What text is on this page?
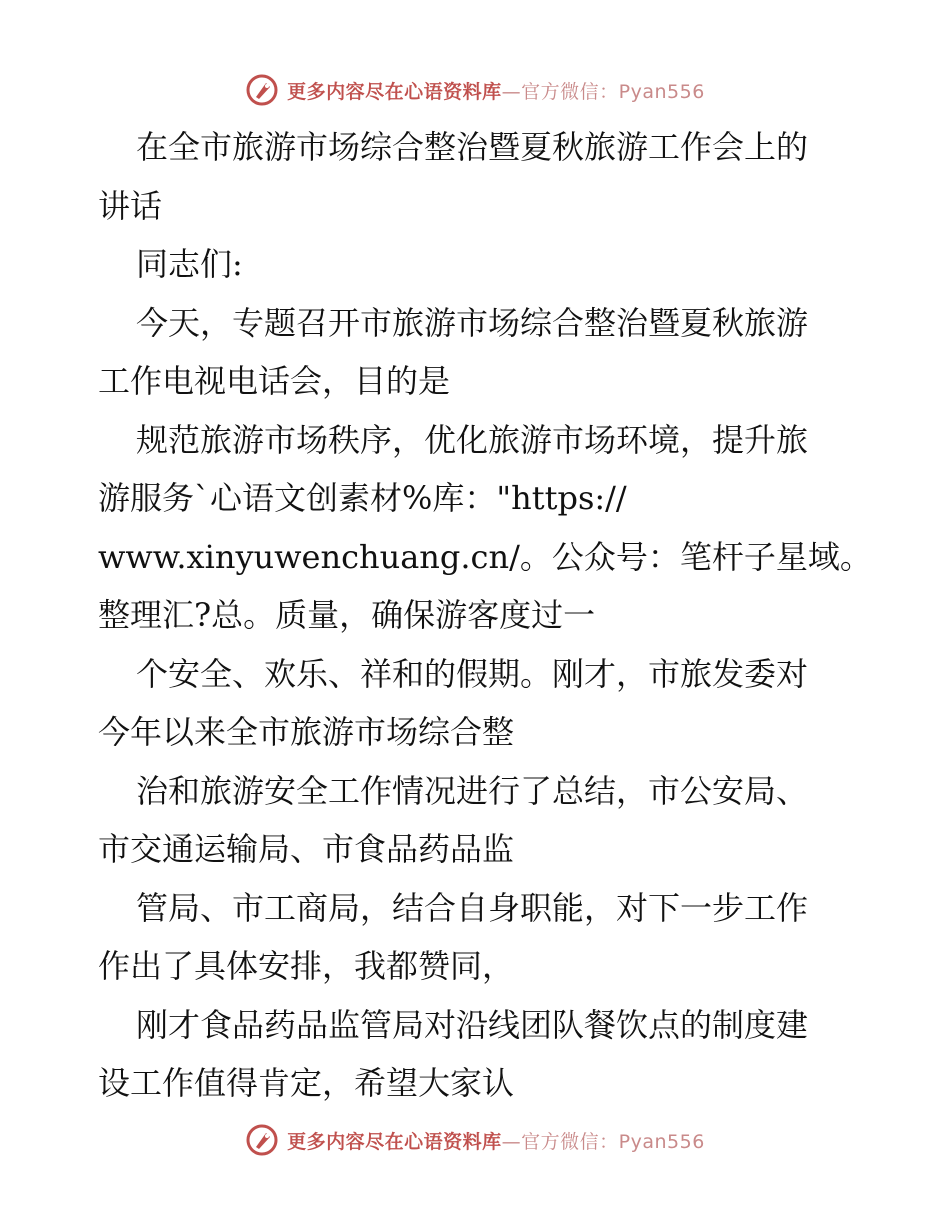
更多内容尽在心语资料库—官方微信：Pyan556
在全市旅游市场综合整治暨夏秋旅游工作会上的
讲话
同志们:
今天，专题召开市旅游市场综合整治暨夏秋旅游
工作电视电话会，目的是
规范旅游市场秩序，优化旅游市场环境，提升旅
游服务`心语文创素材%库："https://
www.xinyuwenchuang.cn/。公众号：笔杆子星域。
整理汇?总。质量，确保游客度过一
个安全、欢乐、祥和的假期。刚才，市旅发委对
今年以来全市旅游市场综合整
治和旅游安全工作情况进行了总结，市公安局、
市交通运输局、市食品药品监
管局、市工商局，结合自身职能，对下一步工作
作出了具体安排，我都赞同，
刚才食品药品监管局对沿线团队餐饮点的制度建
设工作值得肯定，希望大家认
更多内容尽在心语资料库—官方微信：Pyan556
